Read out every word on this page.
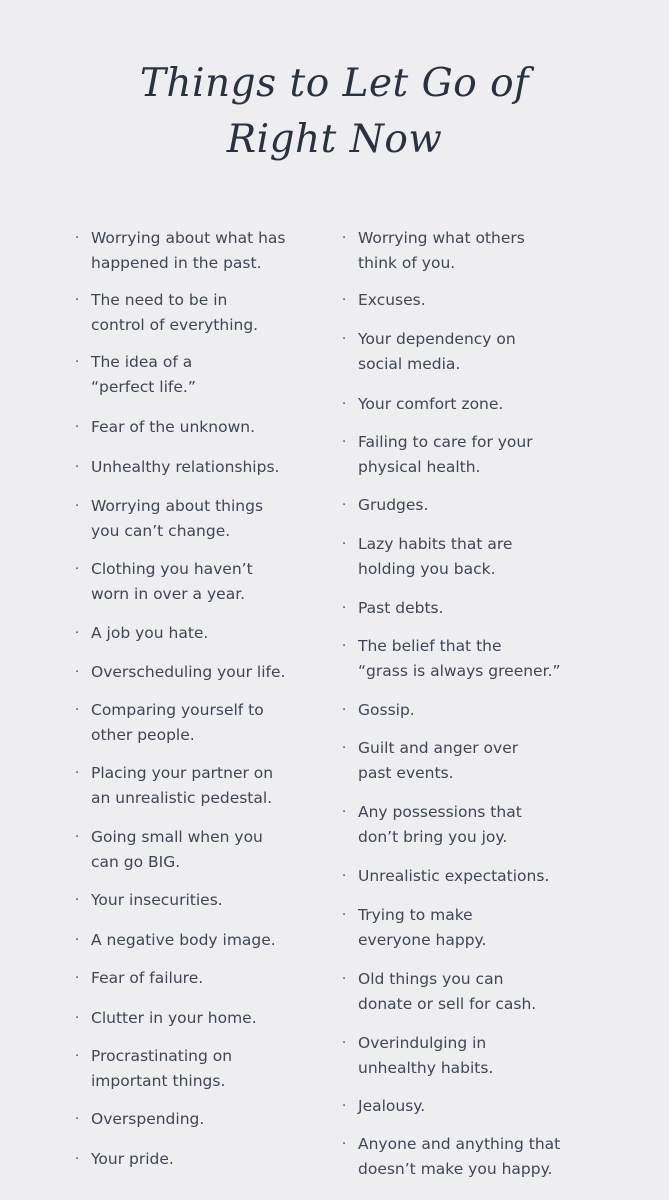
Things to Let Go of
Right Now
· Worrying about what has
happened in the past.
· The need to be in
control of everything.
· The idea of a
“perfect life.”
· Fear of the unknown.
· Unhealthy relationships.
· Worrying about things
you can’t change.
· Clothing you haven’t
worn in over a year.
· A job you hate.
· Overscheduling your life.
· Comparing yourself to
other people.
· Placing your partner on
an unrealistic pedestal.
· Going small when you
can go BIG.
· Your insecurities.
· A negative body image.
· Fear of failure.
· Clutter in your home.
· Procrastinating on
important things.
· Overspending.
· Your pride.
· Worrying what others
think of you.
· Excuses.
· Your dependency on
social media.
· Your comfort zone.
· Failing to care for your
physical health.
· Grudges.
· Lazy habits that are
holding you back.
· Past debts.
· The belief that the
“grass is always greener.”
· Gossip.
· Guilt and anger over
past events.
· Any possessions that
don’t bring you joy.
· Unrealistic expectations.
· Trying to make
everyone happy.
· Old things you can
donate or sell for cash.
· Overindulging in
unhealthy habits.
· Jealousy.
· Anyone and anything that
doesn’t make you happy.
